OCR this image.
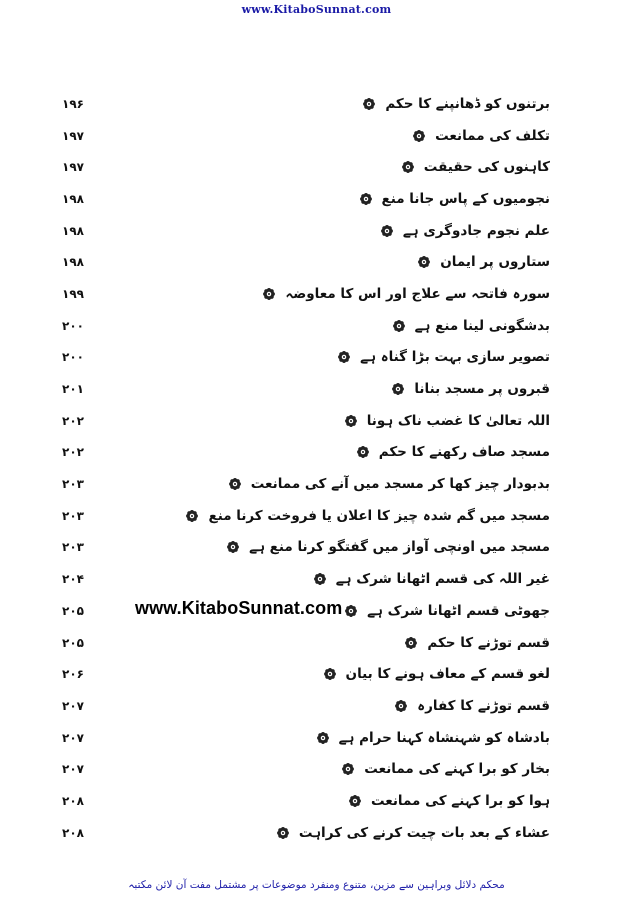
www.KitaboSunnat.com
۱۹۶	برتنوں کو ڈھانپنے کا حکم
۱۹۷	تکلف کی ممانعت
۱۹۷	کاہنوں کی حقیقت
۱۹۸	نجومیوں کے پاس جانا منع
۱۹۸	علم نجوم جادوگری ہے
۱۹۸	ستاروں پر ایمان
۱۹۹	سورہ فاتحہ سے علاج اور اس کا معاوضہ
۲۰۰	بدشگونی لینا منع ہے
۲۰۰	تصویر سازی بہت بڑا گناہ ہے
۲۰۱	قبروں پر مسجد بنانا
۲۰۲	اللہ تعالیٰ کا غضب ناک ہونا
۲۰۲	مسجد صاف رکھنے کا حکم
۲۰۳	بدبودار چیز کھا کر مسجد میں آنے کی ممانعت
۲۰۳	مسجد میں گم شدہ چیز کا اعلان یا فروخت کرنا منع
۲۰۳	مسجد میں اونچی آواز میں گفتگو کرنا منع ہے
۲۰۴	غیر اللہ کی قسم اٹھانا شرک ہے
۲۰۵	جھوٹی قسم اٹھانا شرک ہے
۲۰۵	قسم توڑنے کا حکم
۲۰۶	لغو قسم کے معاف ہونے کا بیان
۲۰۷	قسم توڑنے کا کفارہ
۲۰۷	بادشاہ کو شہنشاہ کہنا حرام ہے
۲۰۷	بخار کو برا کہنے کی ممانعت
۲۰۸	ہوا کو برا کہنے کی ممانعت
۲۰۸	عشاء کے بعد بات چیت کرنے کی کراہت
www.KitaboSunnat.com
محکم دلائل وبراہین سے مزین، متنوع ومنفرد موضوعات پر مشتمل مفت آن لائن مکتبہ
